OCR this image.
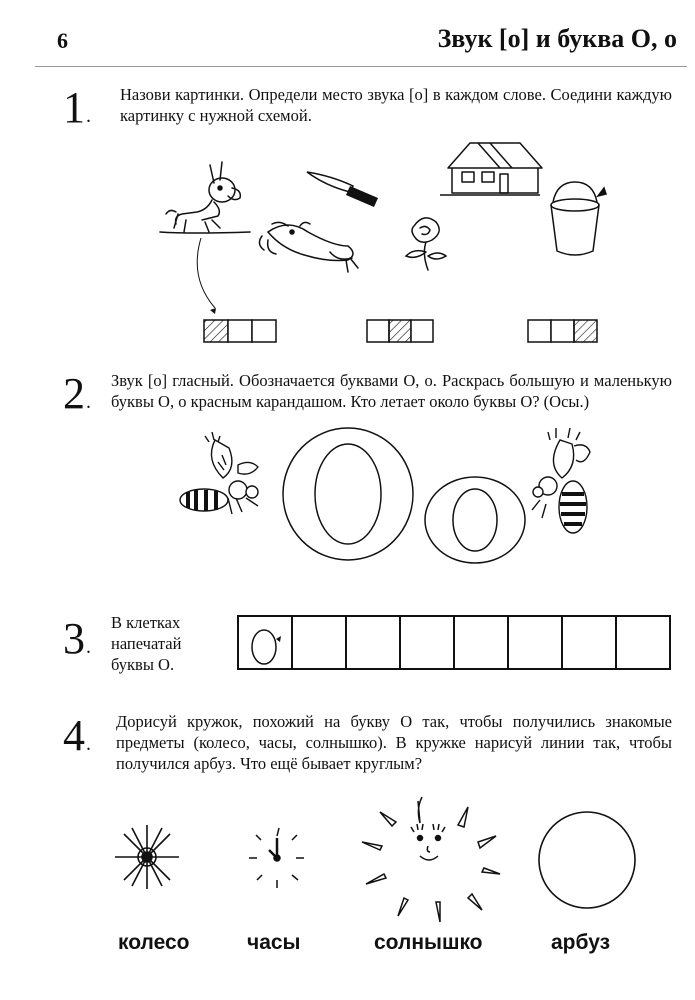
6	Звук [о] и буква О, о
1 .	Назови картинки. Определи место звука [о] в каждом слове. Соедини каждую картинку с нужной схемой.
2 .	Звук [о] гласный. Обозначается буквами О, о. Раскрась большую и маленькую буквы О, о красным карандашом. Кто летает около буквы О? (Осы.)
3 .	В клетках напечатай буквы О.
4 .	Дорисуй кружок, похожий на букву О так, чтобы получились знакомые предметы (колесо, часы, солнышко). В кружке нарисуй линии так, чтобы получился арбуз. Что ещё бывает круглым?
колесо	часы	солнышко	арбуз
